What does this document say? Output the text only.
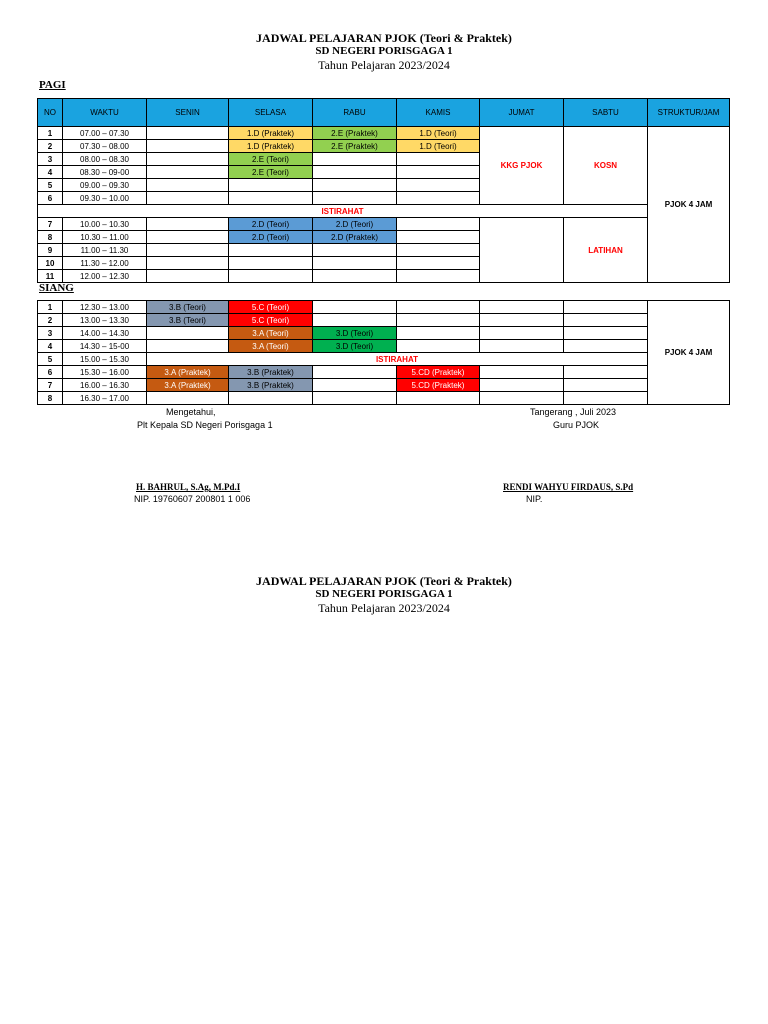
JADWAL PELAJARAN PJOK (Teori & Praktek)
SD NEGERI PORISGAGA 1
Tahun Pelajaran 2023/2024
PAGI
NO	WAKTU	SENIN	SELASA	RABU	KAMIS	JUMAT	SABTU	STRUKTUR/JAM
1	07.00 – 07.30		1.D (Praktek)	2.E (Praktek)	1.D (Teori)	KKG PJOK	KOSN	PJOK 4 JAM
2	07.30 – 08.00		1.D (Praktek)	2.E (Praktek)	1.D (Teori)			
3	08.00 – 08.30		2.E (Teori)					
4	08.30 – 09-00		2.E (Teori)					
5	09.00 – 09.30							
6	09.30 – 10.00							
ISTIRAHAT								
7	10.00 – 10.30		2.D (Teori)	2.D (Teori)			LATIHAN	
8	10.30 – 11.00		2.D (Teori)	2.D (Praktek)				
9	11.00 – 11.30							
10	11.30 – 12.00							
11	12.00 – 12.30							
SIANG
1	12.30 – 13.00	3.B (Teori)	5.C (Teori)					PJOK 4 JAM
2	13.00 – 13.30	3.B (Teori)	5.C (Teori)					
3	14.00 – 14.30		3.A (Teori)	3.D (Teori)				
4	14.30 – 15-00		3.A (Teori)	3.D (Teori)				
5	15.00 – 15.30	ISTIRAHAT						
6	15.30 – 16.00	3.A (Praktek)	3.B (Praktek)		5.CD (Praktek)			
7	16.00 – 16.30	3.A (Praktek)	3.B (Praktek)		5.CD (Praktek)			
8	16.30 – 17.00							
Mengetahui,
Plt Kepala SD Negeri Porisgaga 1
Tangerang , Juli 2023
Guru PJOK
H. BAHRUL, S.Ag, M.Pd.I
NIP. 19760607 200801 1 006
RENDI WAHYU FIRDAUS, S.Pd
NIP.
JADWAL PELAJARAN PJOK (Teori & Praktek)
SD NEGERI PORISGAGA 1
Tahun Pelajaran 2023/2024
